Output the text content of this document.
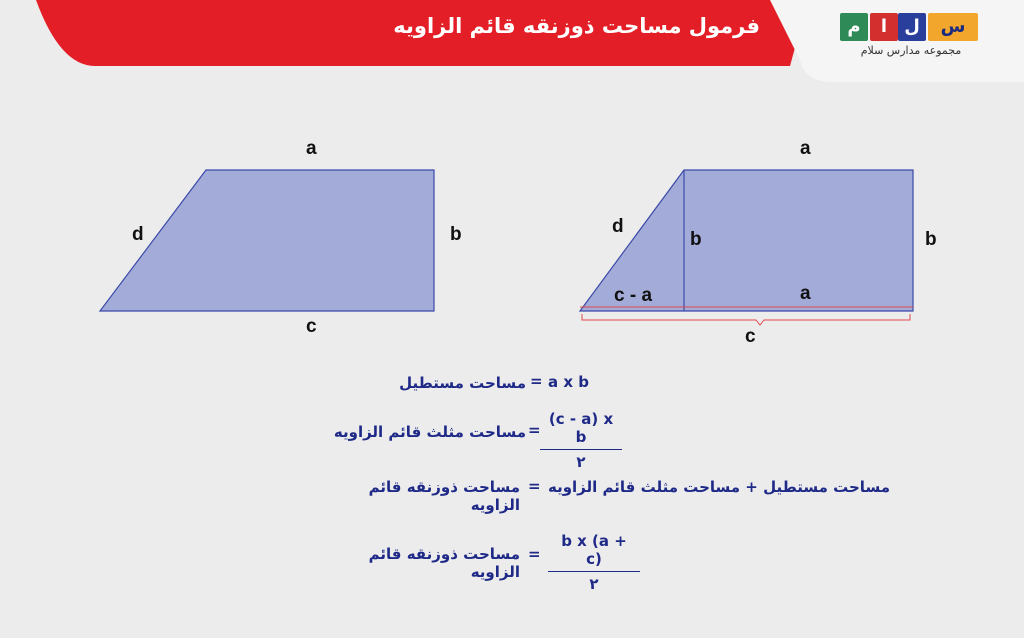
فرمول مساحت ذوزنقه قائم الزاویه	م	ا ل	س
مجموعه مدارس سلام
a
b
c
d
a
b
b
d
c - a	a
c
مساحت مستطیل = a x b
مساحت مثلث قائم الزاویه =
(c - a) x b
۲
مساحت ذوزنقه قائم الزاویه
= مساحت مستطیل + مساحت مثلث قائم الزاویه
مساحت ذوزنقه قائم الزاویه
=
b x (a + c)
۲
